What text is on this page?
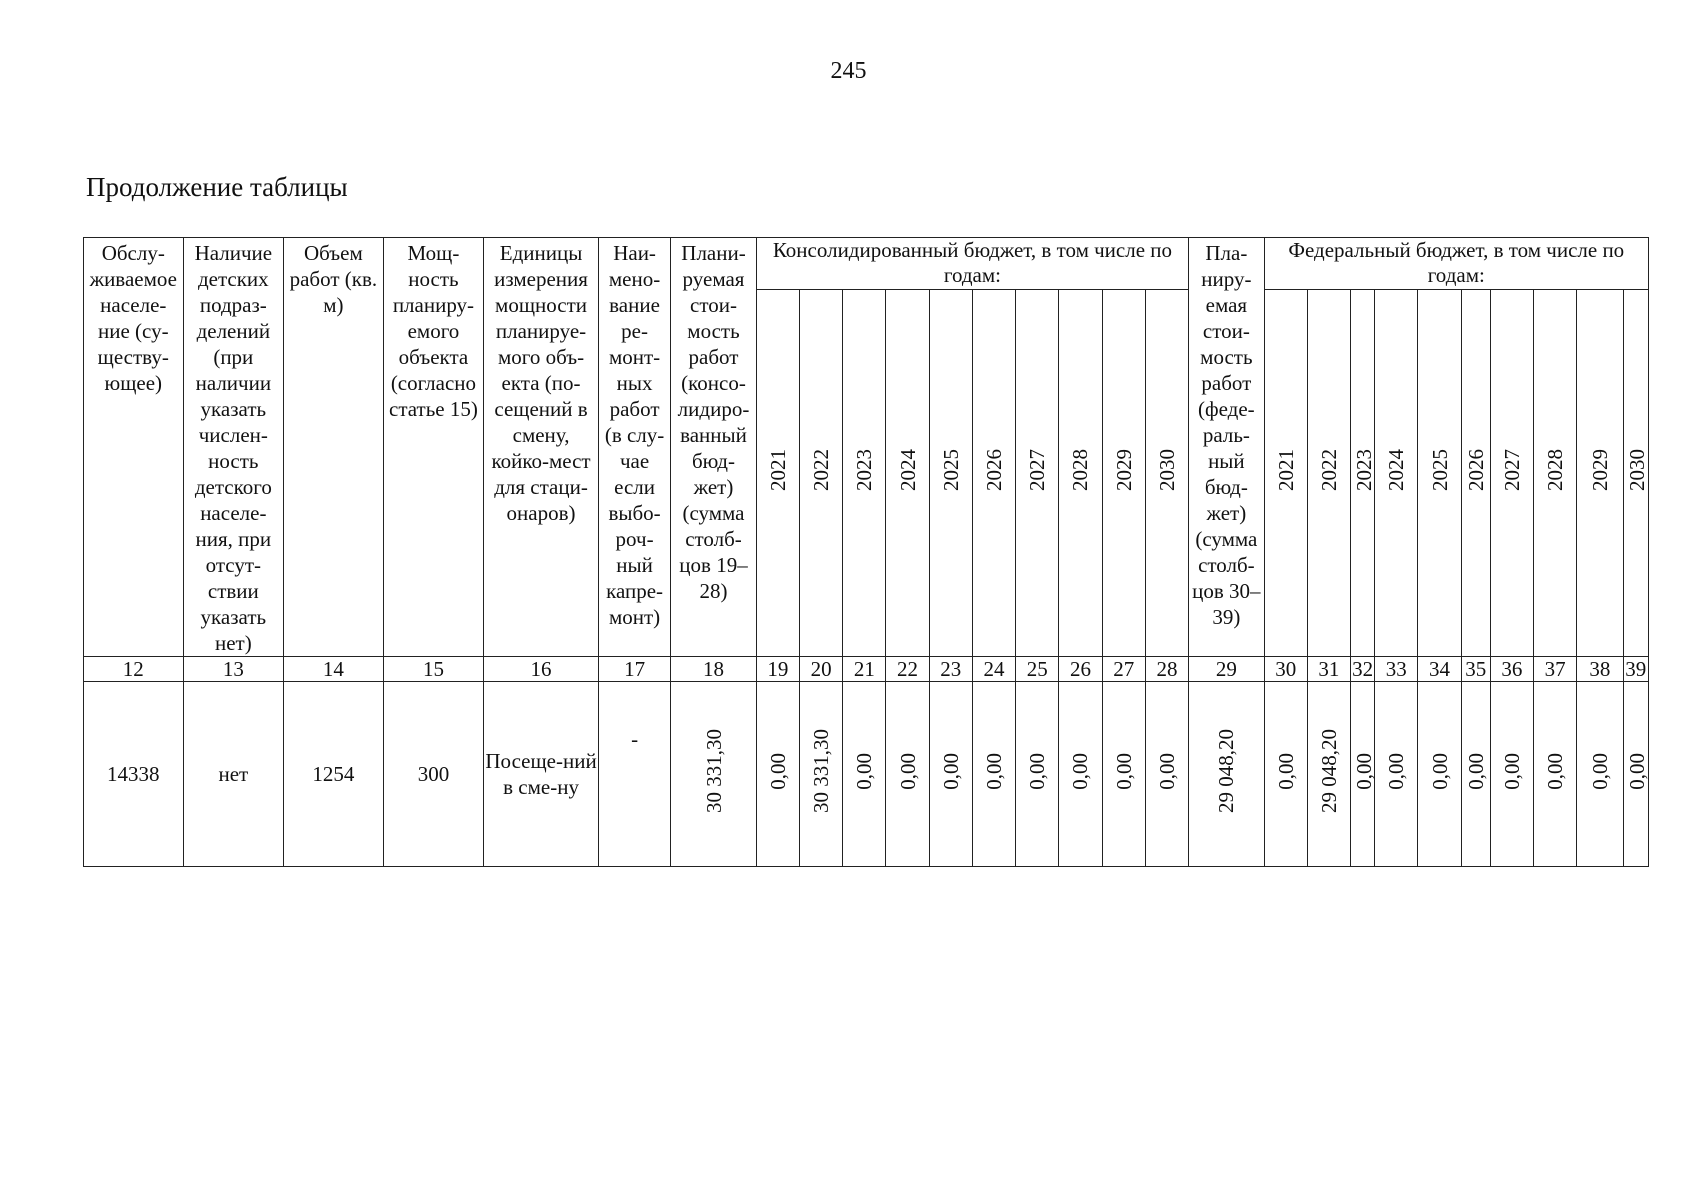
245
Продолжение таблицы
Обслу-живаемое населе-ние (су-ществу-ющее)	Наличие детских подраз-делений (при наличии указать числен-ность детского населе-ния, при отсут-ствии указать нет)	Объем работ (кв. м)	Мощ-ность планиру-емого объекта (согласно статье 15)	Единицы измерения мощности планируе-мого объ-екта (по-сещений в смену, койко-мест для стаци-онаров)	Наи-мено-вание ре-монт-ных работ (в слу-чае если выбо-роч-ный капре-монт)	Плани-руемая стои-мость работ (консо-лидиро-ванный бюд-жет) (сумма столб-цов 19–28)	Консолидированный бюджет, в том числе по годам:										Пла-ниру-емая стои-мость работ (феде-раль-ный бюд-жет) (сумма столб-цов 30–39)	Федеральный бюджет, в том числе по годам:									
							2021	2022	2023	2024	2025	2026	2027	2028	2029	2030		2021	2022	2023	2024	2025	2026	2027	2028	2029	2030
12	13	14	15	16	17	18	19	20	21	22	23	24	25	26	27	28	29	30	31	32	33	34	35	36	37	38	39
14338	нет	1254	300	Посеще-ний в сме-ну	-	30 331,30	0,00	30 331,30	0,00	0,00	0,00	0,00	0,00	0,00	0,00	0,00	29 048,20	0,00	29 048,20	0,00	0,00	0,00	0,00	0,00	0,00	0,00	0,00
